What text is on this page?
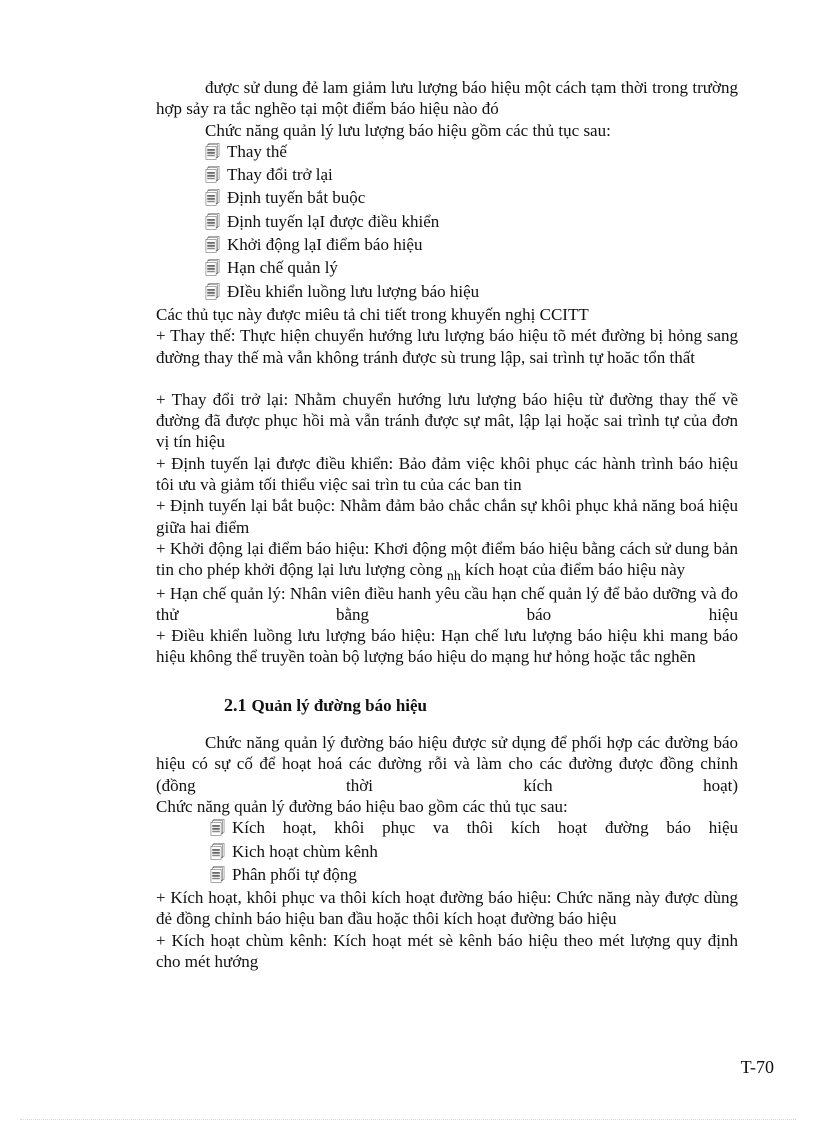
được sử dung đẻ lam giảm lưu lượng báo hiệu một cách tạm thời trong trường hợp sảy ra tắc nghẽo tại một điểm báo hiệu nào đó

Chức năng quản lý lưu lượng báo hiệu gồm các thủ tục sau:

🗐 Thay thế
🗐 Thay đổi trở lại
🗐 Định tuyến bắt buộc
🗐 Định tuyến lạI được điều khiển
🗐 Khởi động lạI điểm báo hiệu
🗐 Hạn chế quản lý
🗐 ĐIều khiển luồng lưu lượng báo hiệu

Các thủ tục này được miêu tả chi tiết trong khuyến nghị CCITT

+ Thay thế: Thực hiện chuyển hướng lưu lượng báo hiệu tõ mét đường bị hỏng sang đường thay thế mà vẫn không tránh được sù trung lập, sai trình tự hoăc tổn thất

+ Thay đổi trở lại: Nhằm chuyển hướng lưu lượng báo hiệu từ đường thay thế về đường đã được phục hồi mà vẫn tránh được sự mât, lập lại hoặc sai trình tự của đơn vị tín hiệu

+ Định tuyến lại được điều khiển: Bảo đảm việc khôi phục các hành trình báo hiệu tôi ưu và giảm tối thiểu việc sai trìn tu của các ban tin

+ Định tuyến lại bắt buộc: Nhằm đảm bảo chắc chắn sự khôi phục khả năng boá hiệu giữa hai điểm

+ Khởi động lại điểm báo hiệu: Khơi động một điểm báo hiệu bằng cách sử dung bản tin cho phép khởi động lại lưu lượng còng $_{nh}$ kích hoạt của điểm báo hiệu này

+ Hạn chế quản lý: Nhân viên điều hanh yêu cầu hạn chế quản lý để bảo dưỡng và đo thử bằng báo hiệu

+ Điều khiển luồng lưu lượng báo hiệu: Hạn chế lưu lượng báo hiệu khi mang báo hiệu không thể truyền toàn bộ lượng báo hiệu do mạng hư hỏng hoặc tắc nghẽn

2.1 Quản lý đường báo hiệu

Chức năng quản lý đường báo hiệu được sử dụng để phối hợp các đường báo hiệu có sự cố để hoạt hoá các đường rỗi và làm cho các đường được đồng chỉnh (đồng thời kích hoạt)

Chức năng quản lý đường báo hiệu bao gồm các thủ tục sau:

🗐 Kích hoạt, khôi phục va thôi kích hoạt đường báo hiệu
🗐 Kich hoạt chùm kênh
🗐 Phân phối tự động

+ Kích hoạt, khôi phục va thôi kích hoạt đường báo hiệu: Chức năng này được dùng đẻ đồng chỉnh báo hiệu ban đầu hoặc thôi kích hoạt đường báo hiệu

+ Kích hoạt chùm kênh: Kích hoạt mét sè kênh báo hiệu theo mét lượng quy định cho mét hướng

T-70
